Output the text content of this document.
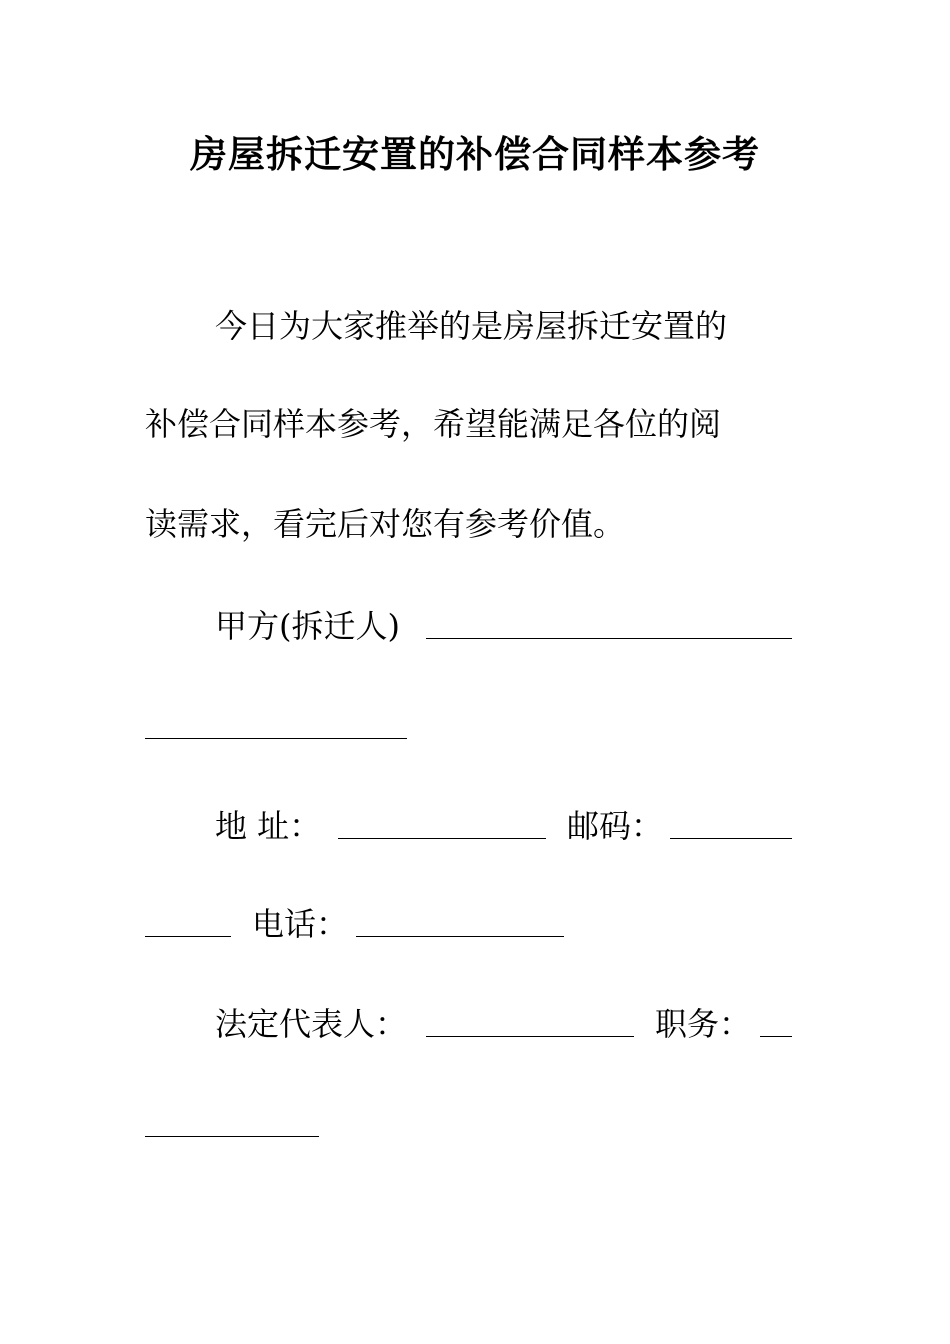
房屋拆迁安置的补偿合同样本参考
今日为大家推举的是房屋拆迁安置的
补偿合同样本参考，希望能满足各位的阅
读需求，看完后对您有参考价值。
甲方(拆迁人)
地 址：	邮码：
电话：
法定代表人：	职务：
